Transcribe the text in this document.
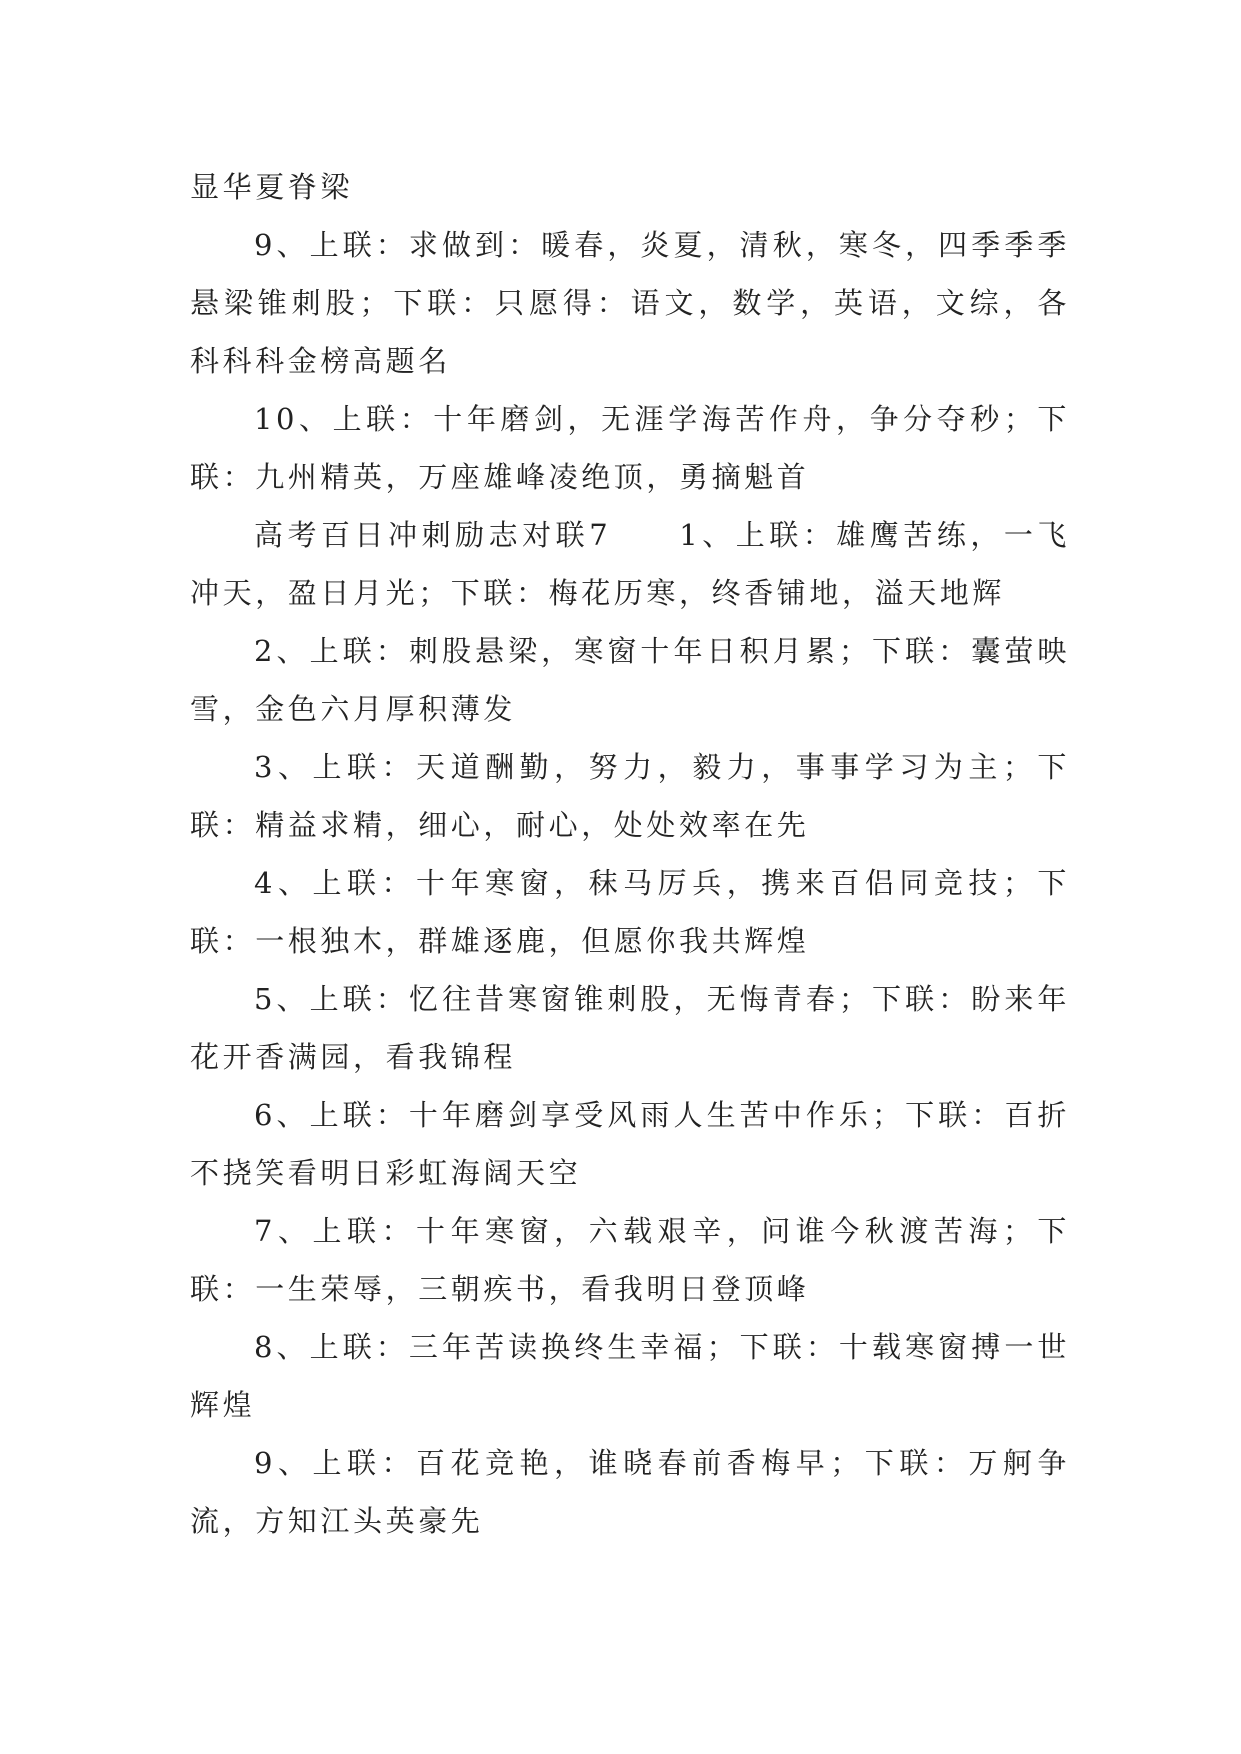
显华夏脊梁

9、上联：求做到：暖春，炎夏，清秋，寒冬，四季季季悬梁锥刺股；下联：只愿得：语文，数学，英语，文综，各科科科金榜高题名

10、上联：十年磨剑，无涯学海苦作舟，争分夺秒；下联：九州精英，万座雄峰凌绝顶，勇摘魁首

高考百日冲刺励志对联7　　1、上联：雄鹰苦练，一飞冲天，盈日月光；下联：梅花历寒，终香铺地，溢天地辉

2、上联：刺股悬梁，寒窗十年日积月累；下联：囊萤映雪，金色六月厚积薄发

3、上联：天道酬勤，努力，毅力，事事学习为主；下联：精益求精，细心，耐心，处处效率在先

4、上联：十年寒窗，秣马厉兵，携来百侣同竞技；下联：一根独木，群雄逐鹿，但愿你我共辉煌

5、上联：忆往昔寒窗锥刺股，无悔青春；下联：盼来年花开香满园，看我锦程

6、上联：十年磨剑享受风雨人生苦中作乐；下联：百折不挠笑看明日彩虹海阔天空

7、上联：十年寒窗，六载艰辛，问谁今秋渡苦海；下联：一生荣辱，三朝疾书，看我明日登顶峰

8、上联：三年苦读换终生幸福；下联：十载寒窗搏一世辉煌

9、上联：百花竞艳，谁晓春前香梅早；下联：万舸争流，方知江头英豪先
